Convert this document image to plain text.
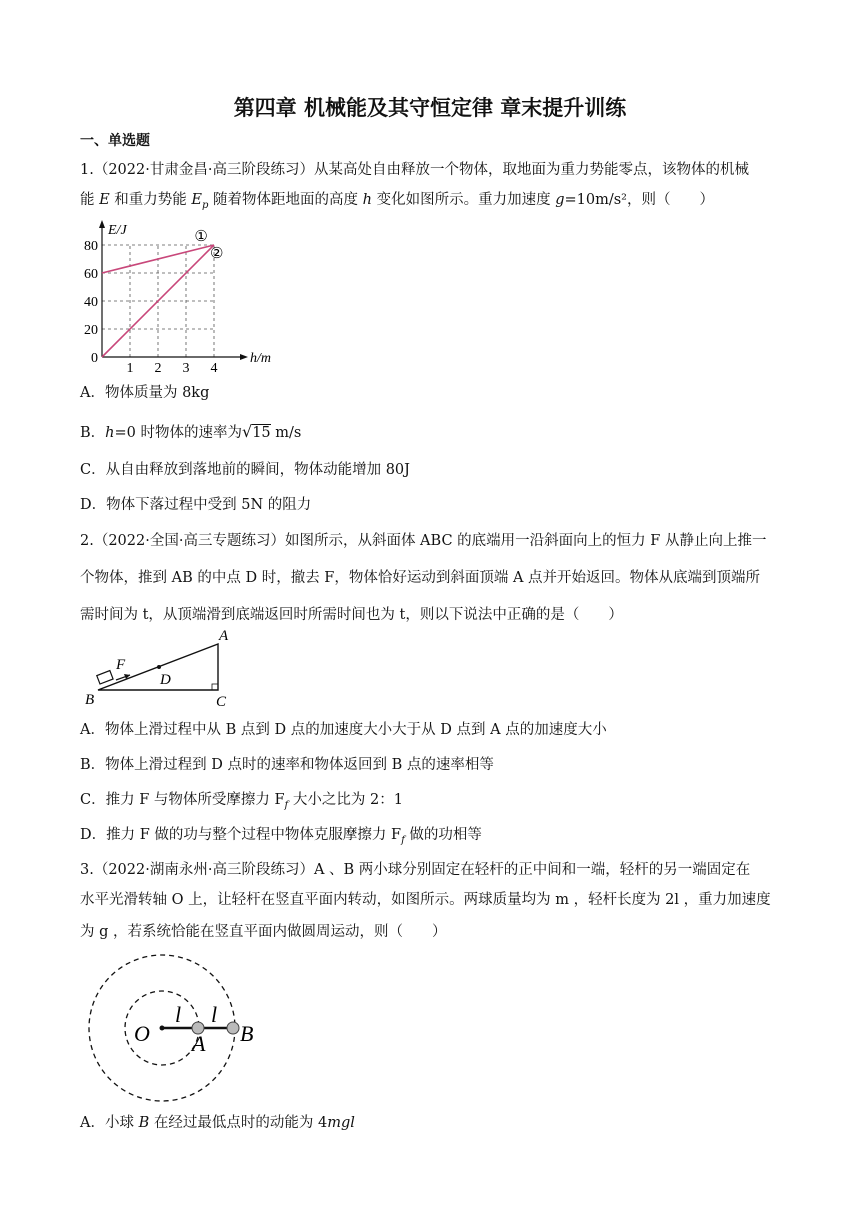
第四章 机械能及其守恒定律 章末提升训练
一、单选题
1.（2022·甘肃金昌·高三阶段练习）从某高处自由释放一个物体，取地面为重力势能零点，该物体的机械
能 E 和重力势能 $E_p$ 随着物体距地面的高度 h 变化如图所示。重力加速度 g=10m/s²，则（　　）
80
60
40
20
0
1 2 3 4
E/J
h/m
①
②
A．物体质量为 8kg
B．h=0 时物体的速率为√15 m/s
C．从自由释放到落地前的瞬间，物体动能增加 80J
D．物体下落过程中受到 5N 的阻力
2.（2022·全国·高三专题练习）如图所示，从斜面体 ABC 的底端用一沿斜面向上的恒力 F 从静止向上推一
个物体，推到 AB 的中点 D 时，撤去 F，物体恰好运动到斜面顶端 A 点并开始返回。物体从底端到顶端所
需时间为 t，从顶端滑到底端返回时所需时间也为 t，则以下说法中正确的是（　　）
A
B	C
D
F
A．物体上滑过程中从 B 点到 D 点的加速度大小大于从 D 点到 A 点的加速度大小
B．物体上滑过程到 D 点时的速率和物体返回到 B 点的速率相等
C．推力 F 与物体所受摩擦力 $F_f$ 大小之比为 2：1
D．推力 F 做的功与整个过程中物体克服摩擦力 $F_f$ 做的功相等
3.（2022·湖南永州·高三阶段练习）A 、B 两小球分别固定在轻杆的正中间和一端，轻杆的另一端固定在
水平光滑转轴 O 上，让轻杆在竖直平面内转动，如图所示。两球质量均为 m ，轻杆长度为 2l ，重力加速度
为 g ，若系统恰能在竖直平面内做圆周运动，则（　　）
O A B
l l
A．小球 B 在经过最低点时的动能为 4mgl
